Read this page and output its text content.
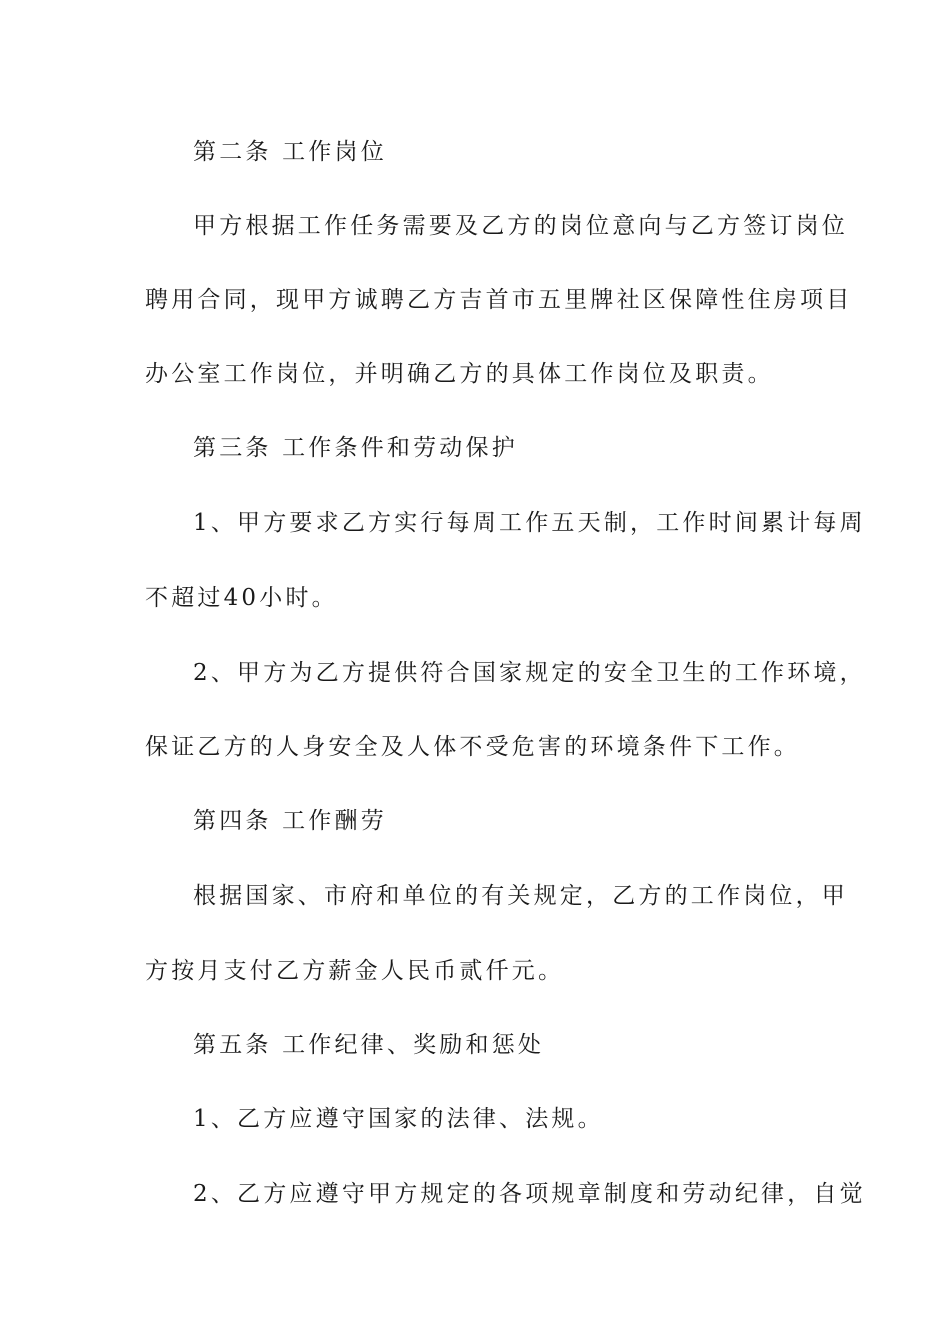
第二条 工作岗位
甲方根据工作任务需要及乙方的岗位意向与乙方签订岗位
聘用合同，现甲方诚聘乙方吉首市五里牌社区保障性住房项目
办公室工作岗位，并明确乙方的具体工作岗位及职责。
第三条 工作条件和劳动保护
1、甲方要求乙方实行每周工作五天制，工作时间累计每周
不超过40小时。
2、甲方为乙方提供符合国家规定的安全卫生的工作环境，
保证乙方的人身安全及人体不受危害的环境条件下工作。
第四条 工作酬劳
根据国家、市府和单位的有关规定，乙方的工作岗位，甲
方按月支付乙方薪金人民币贰仟元。
第五条 工作纪律、奖励和惩处
1、乙方应遵守国家的法律、法规。
2、乙方应遵守甲方规定的各项规章制度和劳动纪律，自觉
